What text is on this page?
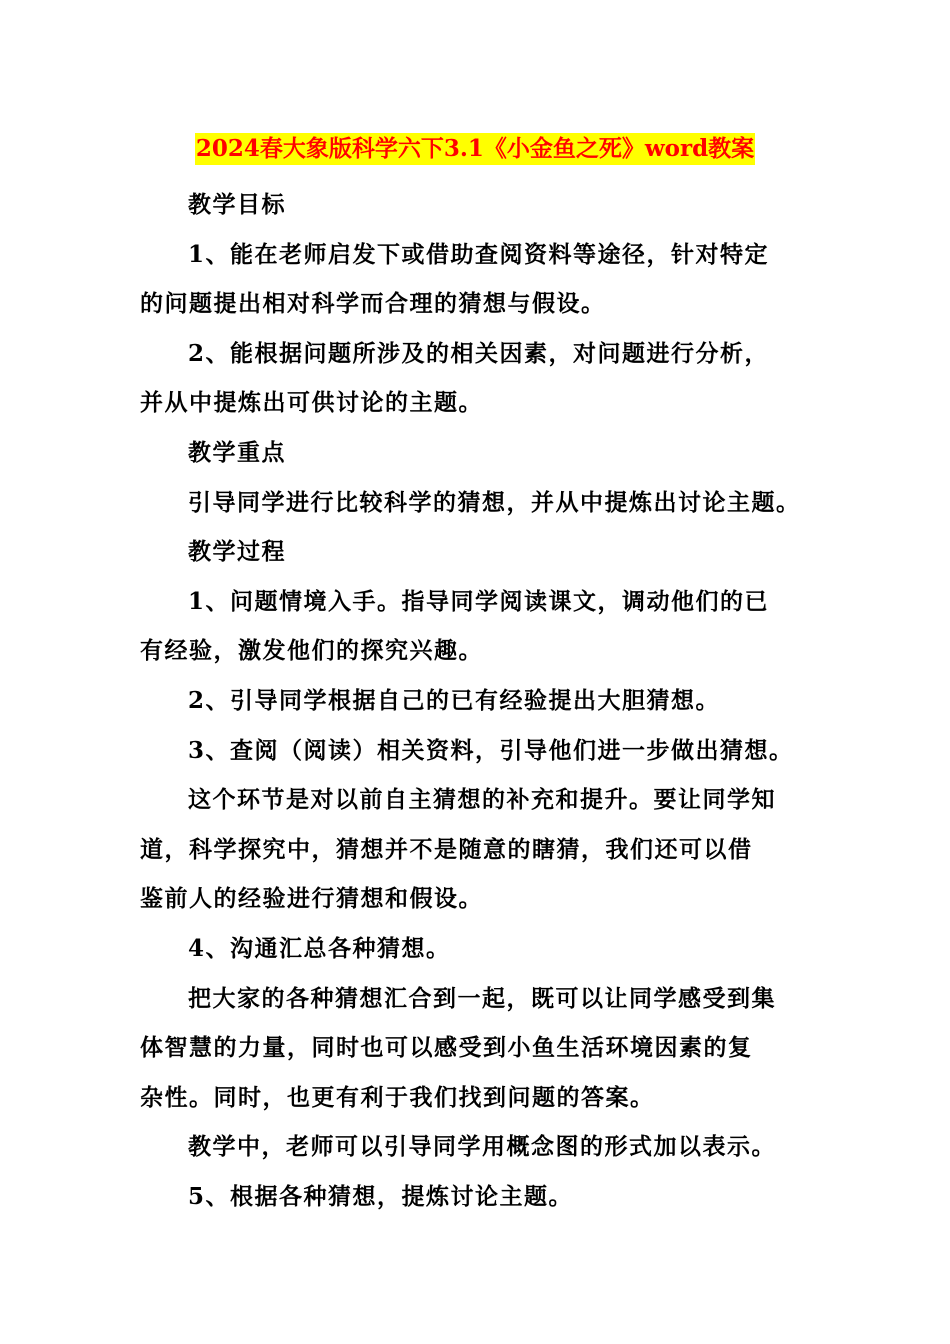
2024春大象版科学六下3.1《小金鱼之死》word教案

教学目标

1、能在老师启发下或借助查阅资料等途径，针对特定

的问题提出相对科学而合理的猜想与假设。

2、能根据问题所涉及的相关因素，对问题进行分析，

并从中提炼出可供讨论的主题。

教学重点

引导同学进行比较科学的猜想，并从中提炼出讨论主题。

教学过程

1、问题情境入手。指导同学阅读课文，调动他们的已

有经验，激发他们的探究兴趣。

2、引导同学根据自己的已有经验提出大胆猜想。

3、查阅（阅读）相关资料，引导他们进一步做出猜想。

这个环节是对以前自主猜想的补充和提升。要让同学知

道，科学探究中，猜想并不是随意的瞎猜，我们还可以借

鉴前人的经验进行猜想和假设。

4、沟通汇总各种猜想。

把大家的各种猜想汇合到一起，既可以让同学感受到集

体智慧的力量，同时也可以感受到小鱼生活环境因素的复

杂性。同时，也更有利于我们找到问题的答案。

教学中，老师可以引导同学用概念图的形式加以表示。

5、根据各种猜想，提炼讨论主题。
